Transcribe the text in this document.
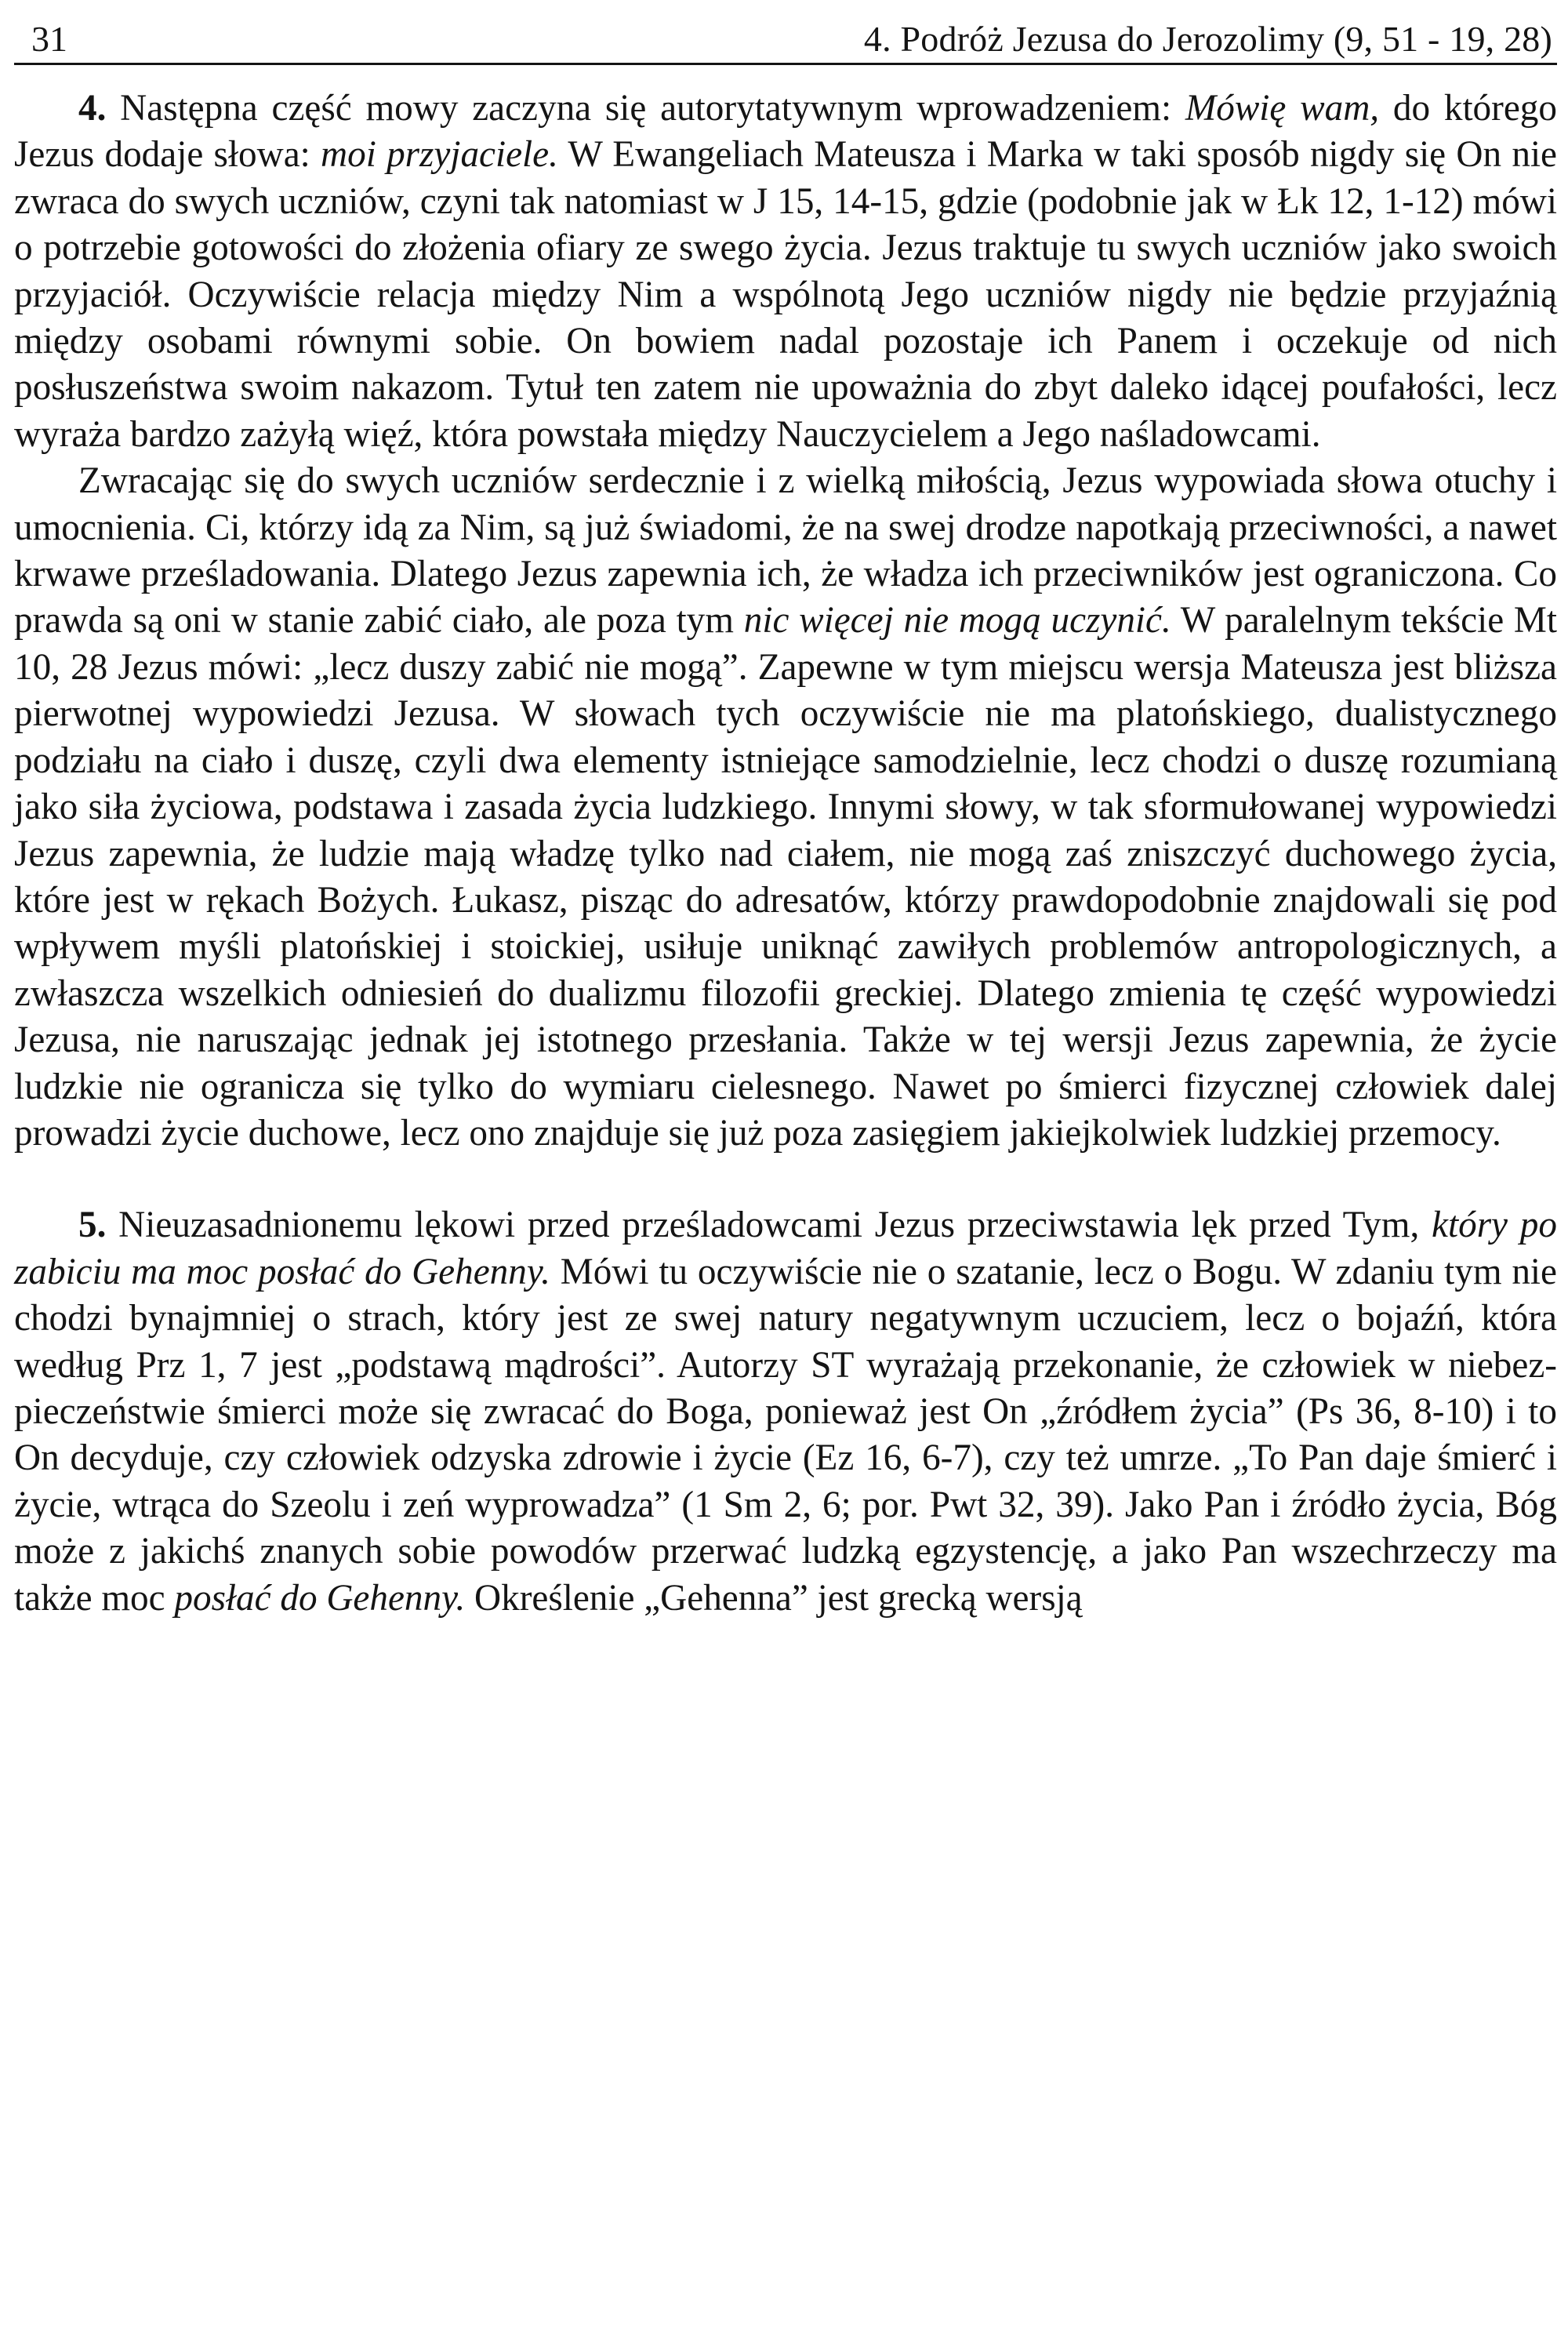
31	4. Podróż Jezusa do Jerozolimy (9, 51 - 19, 28)

4. Następna część mowy zaczyna się autorytatywnym wprowadzeniem: Mówię wam, do którego Jezus dodaje słowa: moi przyjaciele. W Ewangeliach Mateusza i Marka w taki sposób nigdy się On nie zwraca do swych uczniów, czyni tak natomiast w J 15, 14-15, gdzie (podobnie jak w Łk 12, 1-12) mówi o potrzebie gotowości do złożenia ofiary ze swego życia. Jezus traktuje tu swych uczniów jako swoich przyjaciół. Oczywiście relacja między Nim a wspólnotą Jego uczniów nigdy nie będzie przyjaźnią między osobami równymi sobie. On bowiem nadal pozostaje ich Panem i oczekuje od nich posłuszeństwa swoim nakazom. Tytuł ten zatem nie upoważnia do zbyt daleko idącej poufałości, lecz wyraża bardzo zażyłą więź, która powstała między Nauczycielem a Jego naśladowcami.

Zwracając się do swych uczniów serdecznie i z wielką miłością, Jezus wypowiada słowa otuchy i umocnienia. Ci, którzy idą za Nim, są już świadomi, że na swej drodze napotkają przeciwności, a nawet krwawe prześladowania. Dlatego Jezus zapewnia ich, że władza ich przeciwników jest ograniczona. Co prawda są oni w stanie zabić ciało, ale poza tym nic więcej nie mogą uczynić. W paralelnym tekście Mt 10, 28 Jezus mówi: „lecz duszy zabić nie mogą”. Zapewne w tym miejscu wersja Mateusza jest bliższa pierwotnej wypowiedzi Jezusa. W słowach tych oczywiście nie ma platońskiego, dualistycznego podziału na ciało i duszę, czyli dwa elementy istniejące samodzielnie, lecz chodzi o duszę rozumianą jako siła życiowa, podstawa i zasada życia ludzkiego. Innymi słowy, w tak sformułowanej wypowiedzi Jezus zapewnia, że ludzie mają władzę tylko nad ciałem, nie mogą zaś zniszczyć duchowego życia, które jest w rękach Bożych. Łukasz, pisząc do adresatów, którzy prawdopodobnie znajdowali się pod wpływem myśli platońskiej i stoickiej, usiłuje uniknąć zawiłych problemów antropologicznych, a zwłaszcza wszelkich odniesień do dualizmu filozofii greckiej. Dlatego zmienia tę część wypowiedzi Jezusa, nie naruszając jednak jej istotnego przesłania. Także w tej wersji Jezus zapewnia, że życie ludzkie nie ogranicza się tylko do wymiaru cielesnego. Nawet po śmierci fizycznej człowiek dalej prowadzi życie duchowe, lecz ono znajduje się już poza zasięgiem jakiejkolwiek ludzkiej przemocy.

5. Nieuzasadnionemu lękowi przed prześladowcami Jezus przeciwstawia lęk przed Tym, który po zabiciu ma moc posłać do Gehenny. Mówi tu oczywiście nie o szatanie, lecz o Bogu. W zdaniu tym nie chodzi bynajmniej o strach, który jest ze swej natury negatywnym uczuciem, lecz o bojaźń, która według Prz 1, 7 jest „podstawą mądrości”. Autorzy ST wyrażają przekonanie, że człowiek w niebezpieczeństwie śmierci może się zwracać do Boga, ponieważ jest On „źródłem życia” (Ps 36, 8-10) i to On decyduje, czy człowiek odzyska zdrowie i życie (Ez 16, 6-7), czy też umrze. „To Pan daje śmierć i życie, wtrąca do Szeolu i zeń wyprowadza” (1 Sm 2, 6; por. Pwt 32, 39). Jako Pan i źródło życia, Bóg może z jakichś znanych sobie powodów przerwać ludzką egzystencję, a jako Pan wszechrzeczy ma także moc posłać do Gehenny. Określenie „Gehenna” jest grecką wersją
